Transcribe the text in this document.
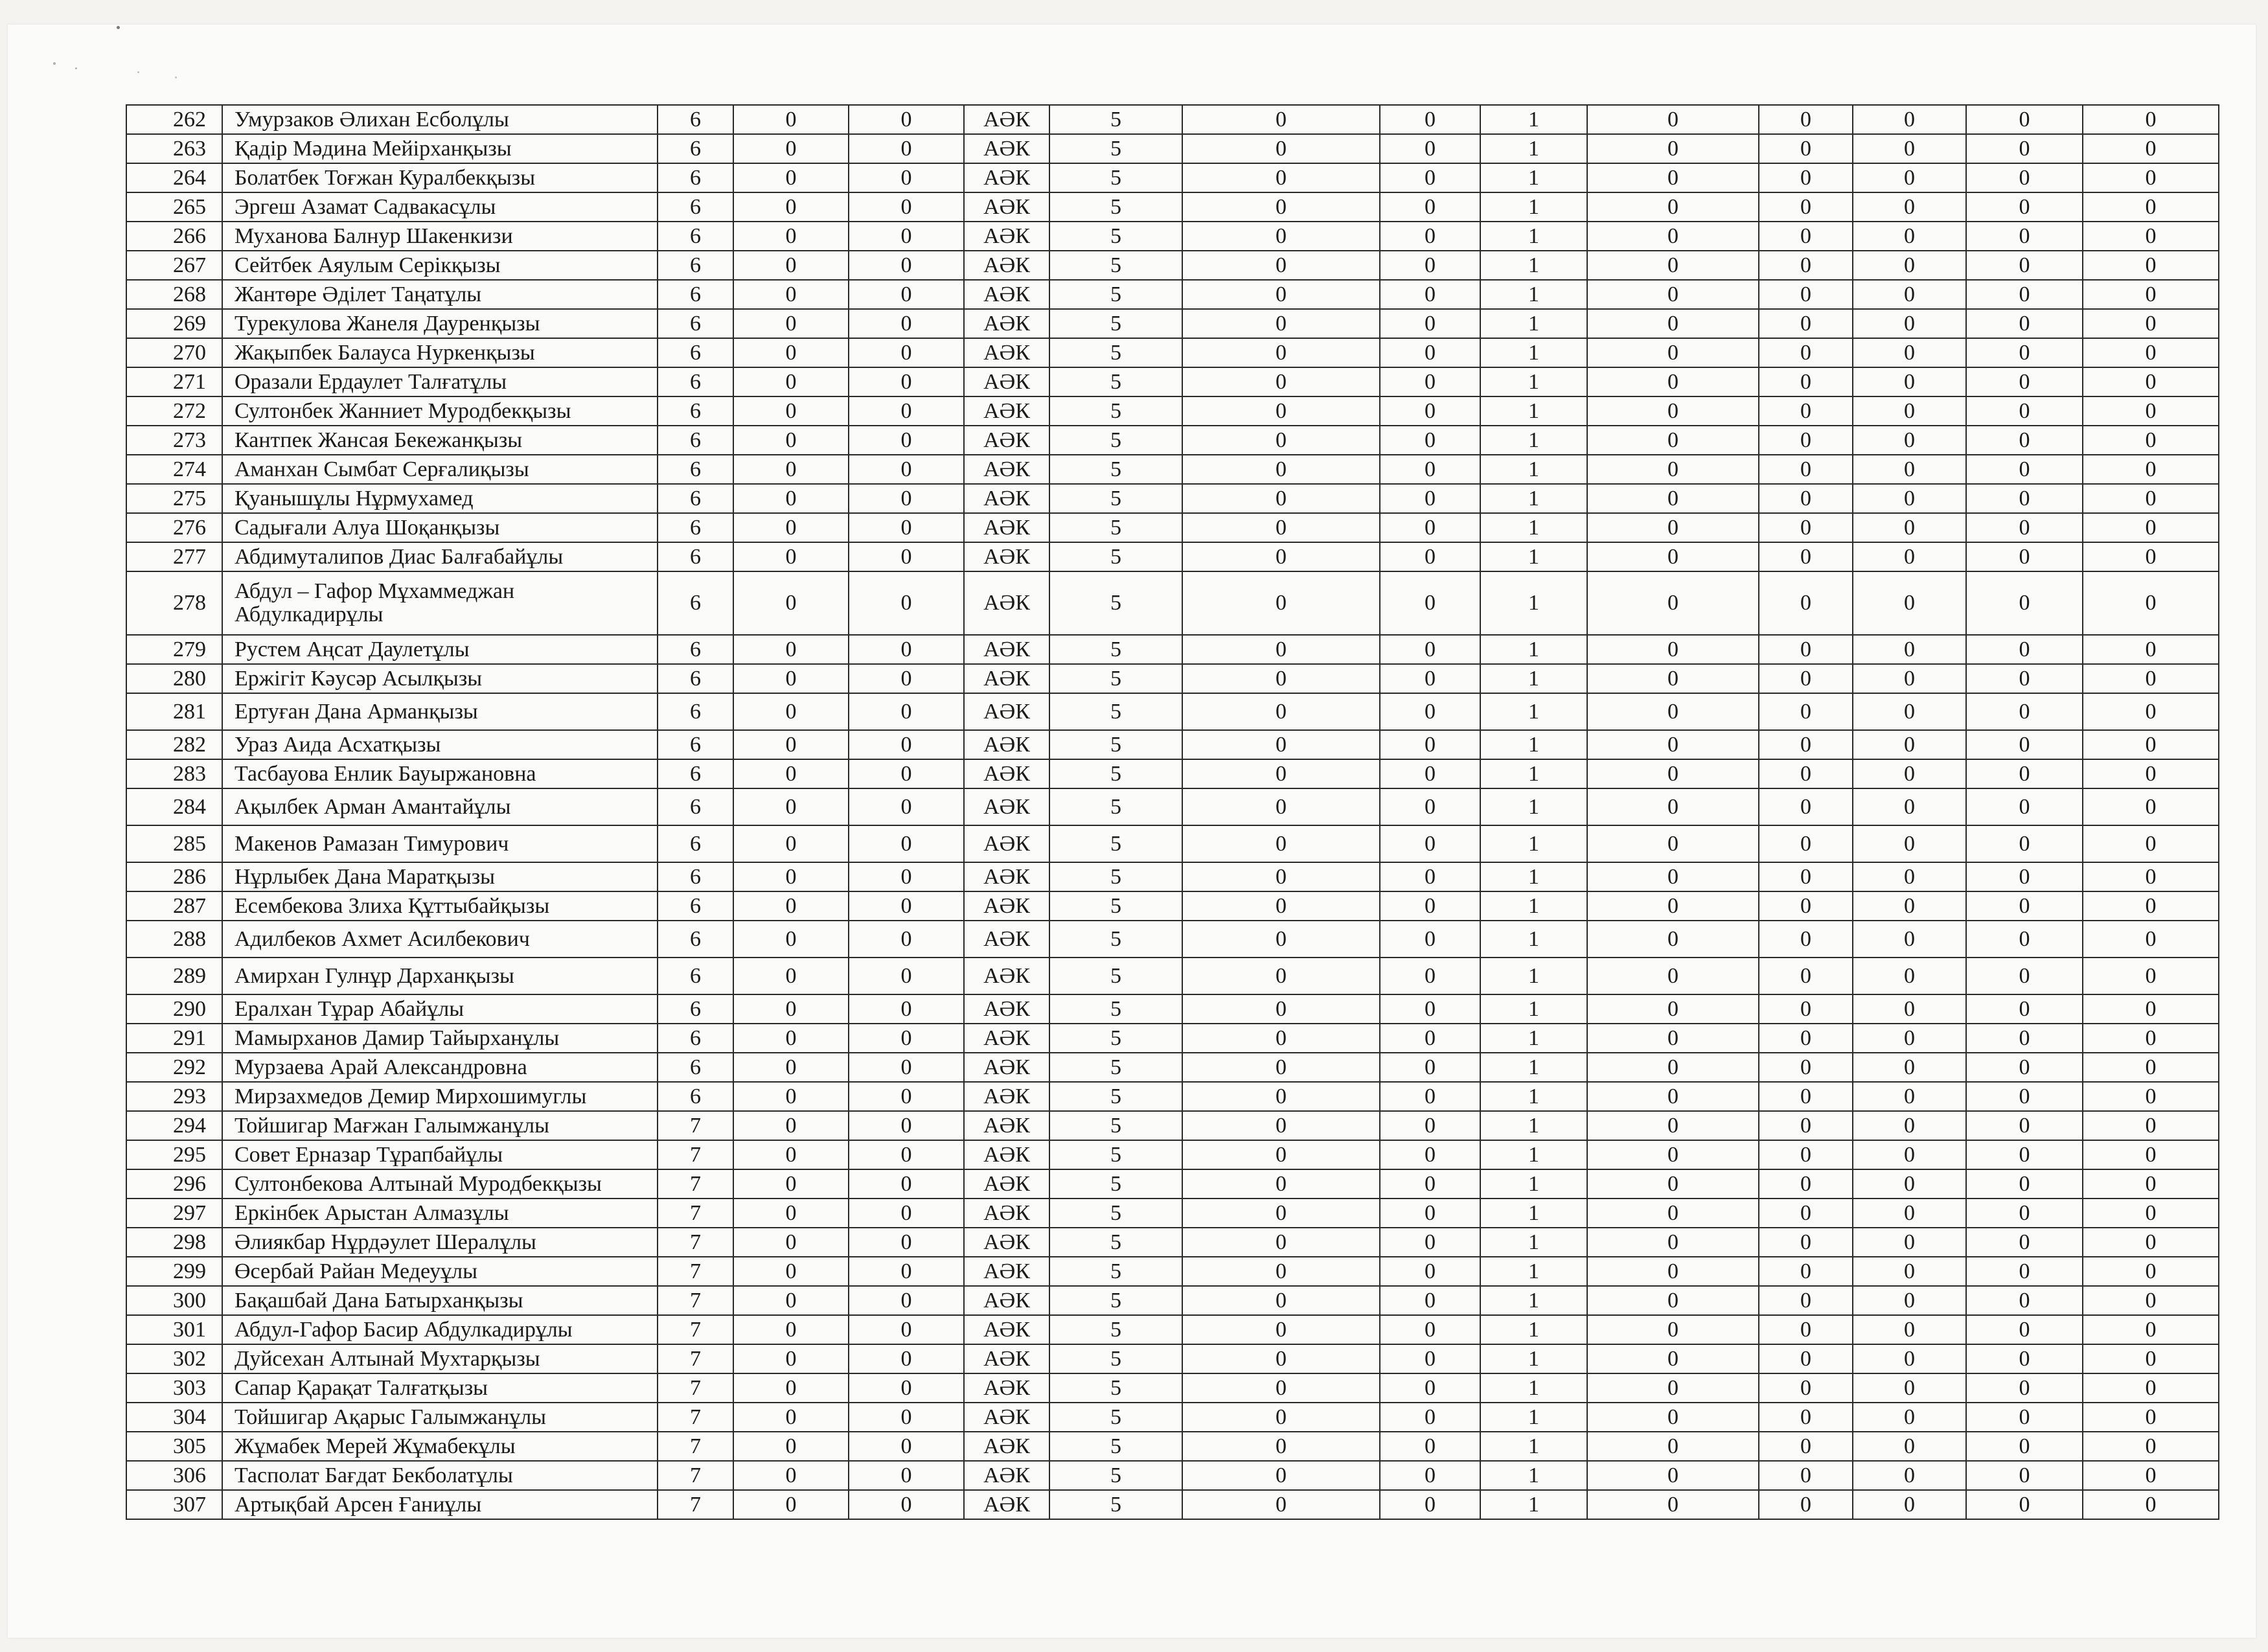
262	Умурзаков Әлихан Есболұлы	6	0	0	АӘК	5	0	0	1	0	0	0	0	0
263	Қадір Мәдина Мейірханқызы	6	0	0	АӘК	5	0	0	1	0	0	0	0	0
264	Болатбек Тоғжан Куралбекқызы	6	0	0	АӘК	5	0	0	1	0	0	0	0	0
265	Эргеш Азамат Садвакасұлы	6	0	0	АӘК	5	0	0	1	0	0	0	0	0
266	Муханова Балнур Шакенкизи	6	0	0	АӘК	5	0	0	1	0	0	0	0	0
267	Сейтбек Аяулым Серікқызы	6	0	0	АӘК	5	0	0	1	0	0	0	0	0
268	Жантөре Әділет Таңатұлы	6	0	0	АӘК	5	0	0	1	0	0	0	0	0
269	Турекулова Жанеля Дауренқызы	6	0	0	АӘК	5	0	0	1	0	0	0	0	0
270	Жақыпбек Балауса Нуркенқызы	6	0	0	АӘК	5	0	0	1	0	0	0	0	0
271	Оразали Ердаулет Талғатұлы	6	0	0	АӘК	5	0	0	1	0	0	0	0	0
272	Султонбек Жанниет Муродбекқызы	6	0	0	АӘК	5	0	0	1	0	0	0	0	0
273	Кантпек Жансая Бекежанқызы	6	0	0	АӘК	5	0	0	1	0	0	0	0	0
274	Аманхан Сымбат Серғалиқызы	6	0	0	АӘК	5	0	0	1	0	0	0	0	0
275	Қуанышұлы Нұрмухамед	6	0	0	АӘК	5	0	0	1	0	0	0	0	0
276	Садығали Алуа Шоқанқызы	6	0	0	АӘК	5	0	0	1	0	0	0	0	0
277	Абдимуталипов Диас Балғабайұлы	6	0	0	АӘК	5	0	0	1	0	0	0	0	0
278	Абдул – Гафор Мұхаммеджан Абдулкадирұлы	6	0	0	АӘК	5	0	0	1	0	0	0	0	0
279	Рустем Аңсат Даулетұлы	6	0	0	АӘК	5	0	0	1	0	0	0	0	0
280	Ержігіт Кәусәр Асылқызы	6	0	0	АӘК	5	0	0	1	0	0	0	0	0
281	Ертуған Дана Арманқызы	6	0	0	АӘК	5	0	0	1	0	0	0	0	0
282	Ураз Аида Асхатқызы	6	0	0	АӘК	5	0	0	1	0	0	0	0	0
283	Тасбауова Енлик Бауыржановна	6	0	0	АӘК	5	0	0	1	0	0	0	0	0
284	Ақылбек Арман Амантайұлы	6	0	0	АӘК	5	0	0	1	0	0	0	0	0
285	Макенов Рамазан Тимурович	6	0	0	АӘК	5	0	0	1	0	0	0	0	0
286	Нұрлыбек Дана Маратқызы	6	0	0	АӘК	5	0	0	1	0	0	0	0	0
287	Есембекова Злиха Құттыбайқызы	6	0	0	АӘК	5	0	0	1	0	0	0	0	0
288	Адилбеков Ахмет Асилбекович	6	0	0	АӘК	5	0	0	1	0	0	0	0	0
289	Амирхан Гулнұр Дарханқызы	6	0	0	АӘК	5	0	0	1	0	0	0	0	0
290	Ералхан Тұрар Абайұлы	6	0	0	АӘК	5	0	0	1	0	0	0	0	0
291	Мамырханов Дамир Тайырханұлы	6	0	0	АӘК	5	0	0	1	0	0	0	0	0
292	Мурзаева Арай Александровна	6	0	0	АӘК	5	0	0	1	0	0	0	0	0
293	Мирзахмедов Демир Мирхошимуглы	6	0	0	АӘК	5	0	0	1	0	0	0	0	0
294	Тойшигар Мағжан Галымжанұлы	7	0	0	АӘК	5	0	0	1	0	0	0	0	0
295	Совет Ерназар Тұрапбайұлы	7	0	0	АӘК	5	0	0	1	0	0	0	0	0
296	Султонбекова Алтынай Муродбекқызы	7	0	0	АӘК	5	0	0	1	0	0	0	0	0
297	Еркінбек Арыстан Алмазұлы	7	0	0	АӘК	5	0	0	1	0	0	0	0	0
298	Әлиякбар Нұрдәулет Шералұлы	7	0	0	АӘК	5	0	0	1	0	0	0	0	0
299	Өсербай Райан Медеуұлы	7	0	0	АӘК	5	0	0	1	0	0	0	0	0
300	Бақашбай Дана Батырханқызы	7	0	0	АӘК	5	0	0	1	0	0	0	0	0
301	Абдул-Гафор Басир Абдулкадирұлы	7	0	0	АӘК	5	0	0	1	0	0	0	0	0
302	Дуйсехан Алтынай Мухтарқызы	7	0	0	АӘК	5	0	0	1	0	0	0	0	0
303	Сапар Қарақат Талғатқызы	7	0	0	АӘК	5	0	0	1	0	0	0	0	0
304	Тойшигар Ақарыс Галымжанұлы	7	0	0	АӘК	5	0	0	1	0	0	0	0	0
305	Жұмабек Мерей Жұмабекұлы	7	0	0	АӘК	5	0	0	1	0	0	0	0	0
306	Тасполат Бағдат Бекболатұлы	7	0	0	АӘК	5	0	0	1	0	0	0	0	0
307	Артықбай Арсен Ғаниұлы	7	0	0	АӘК	5	0	0	1	0	0	0	0	0
